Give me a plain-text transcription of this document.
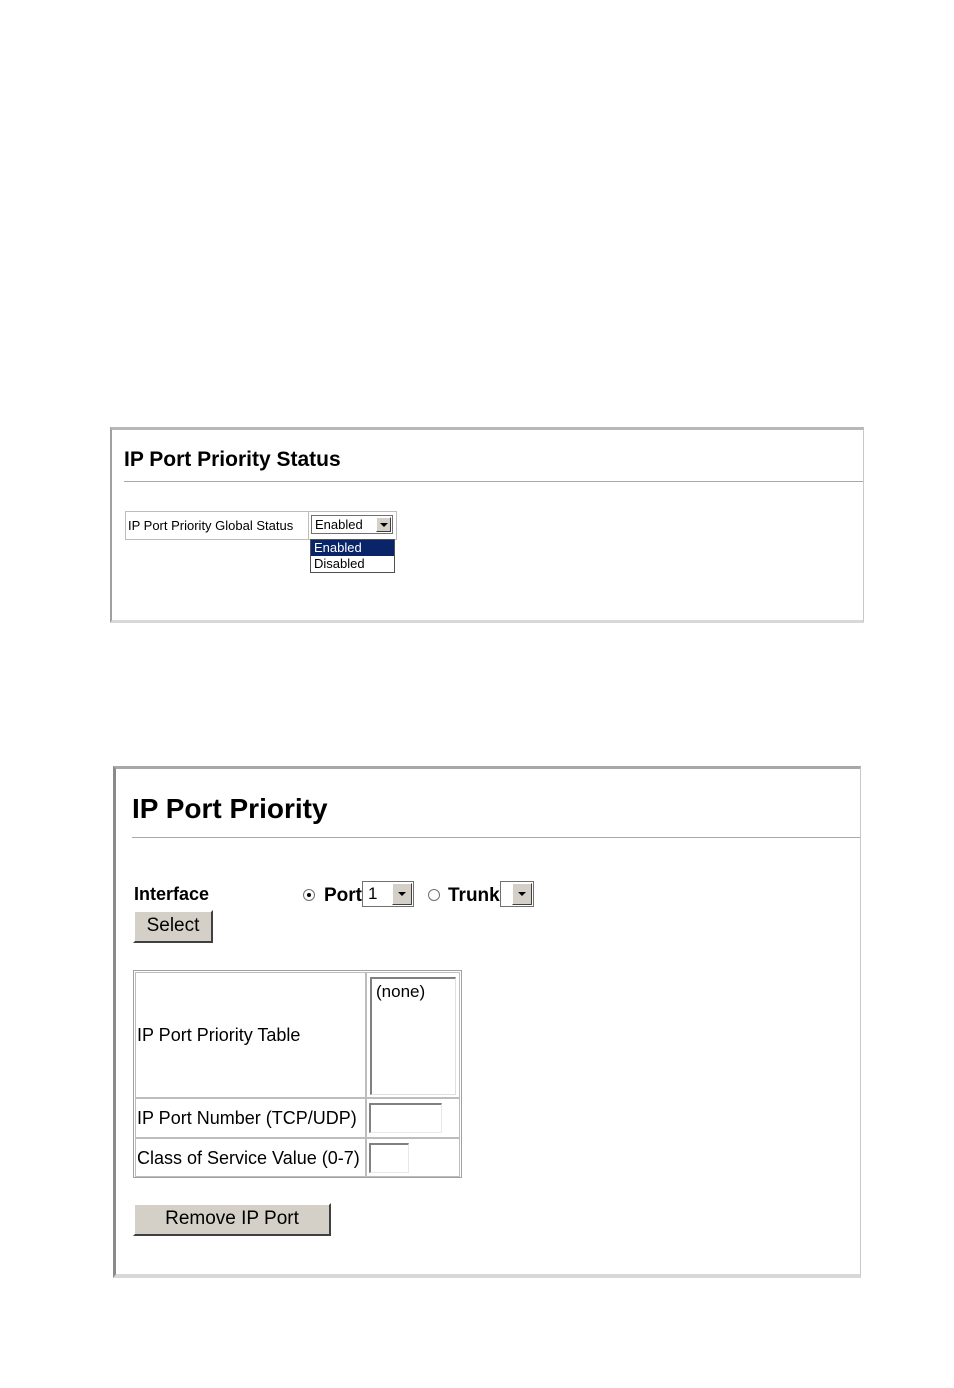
IP Port Priority Status
IP Port Priority Global Status Enabled
Enabled
Disabled
IP Port Priority
Interface	Port 1	Trunk
Select
IP Port Priority Table
(none)
IP Port Number (TCP/UDP)
Class of Service Value (0-7)
Remove IP Port
